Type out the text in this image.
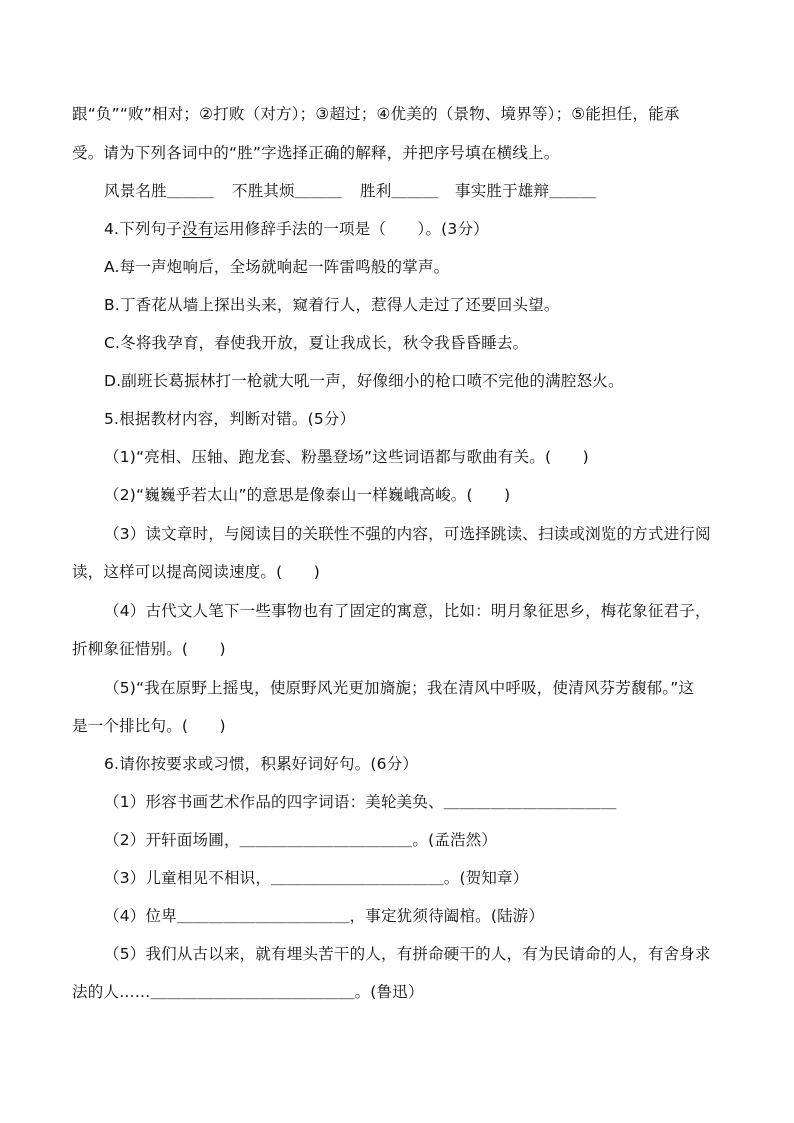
跟“负”“败”相对；②打败（对方）；③超过；④优美的（景物、境界等）；⑤能担任，能承
受。请为下列各词中的“胜”字选择正确的解释，并把序号填在横线上。
风景名胜＿＿＿ 不胜其烦＿＿＿ 胜利＿＿＿ 事实胜于雄辩＿＿＿
4.下列句子没有运用修辞手法的一项是（　　）。(3分）
A.每一声炮响后，全场就响起一阵雷鸣般的掌声。
B.丁香花从墙上探出头来，窥着行人，惹得人走过了还要回头望。
C.冬将我孕育，春使我开放，夏让我成长，秋令我昏昏睡去。
D.副班长葛振林打一枪就大吼一声，好像细小的枪口喷不完他的满腔怒火。
5.根据教材内容，判断对错。(5分）
（1)“亮相、压轴、跑龙套、粉墨登场”这些词语都与歌曲有关。(　　)
（2)“巍巍乎若太山”的意思是像泰山一样巍峨高峻。(　　)
（3）读文章时，与阅读目的关联性不强的内容，可选择跳读、扫读或浏览的方式进行阅
读，这样可以提高阅读速度。(　　)
（4）古代文人笔下一些事物也有了固定的寓意，比如：明月象征思乡，梅花象征君子，
折柳象征惜别。(　　)
（5)“我在原野上摇曳，使原野风光更加旖旎；我在清风中呼吸，使清风芬芳馥郁。”这
是一个排比句。(　　)
6.请你按要求或习惯，积累好词好句。(6分）
（1）形容书画艺术作品的四字词语：美轮美奂、＿＿＿＿＿＿＿＿＿＿＿
（2）开轩面场圃，＿＿＿＿＿＿＿＿＿＿＿。(孟浩然）
（3）儿童相见不相识，＿＿＿＿＿＿＿＿＿＿＿。(贺知章）
（4）位卑＿＿＿＿＿＿＿＿＿＿＿，事定犹须待阖棺。(陆游）
（5）我们从古以来，就有埋头苦干的人，有拼命硬干的人，有为民请命的人，有舍身求
法的人……＿＿＿＿＿＿＿＿＿＿＿＿＿。(鲁迅）
